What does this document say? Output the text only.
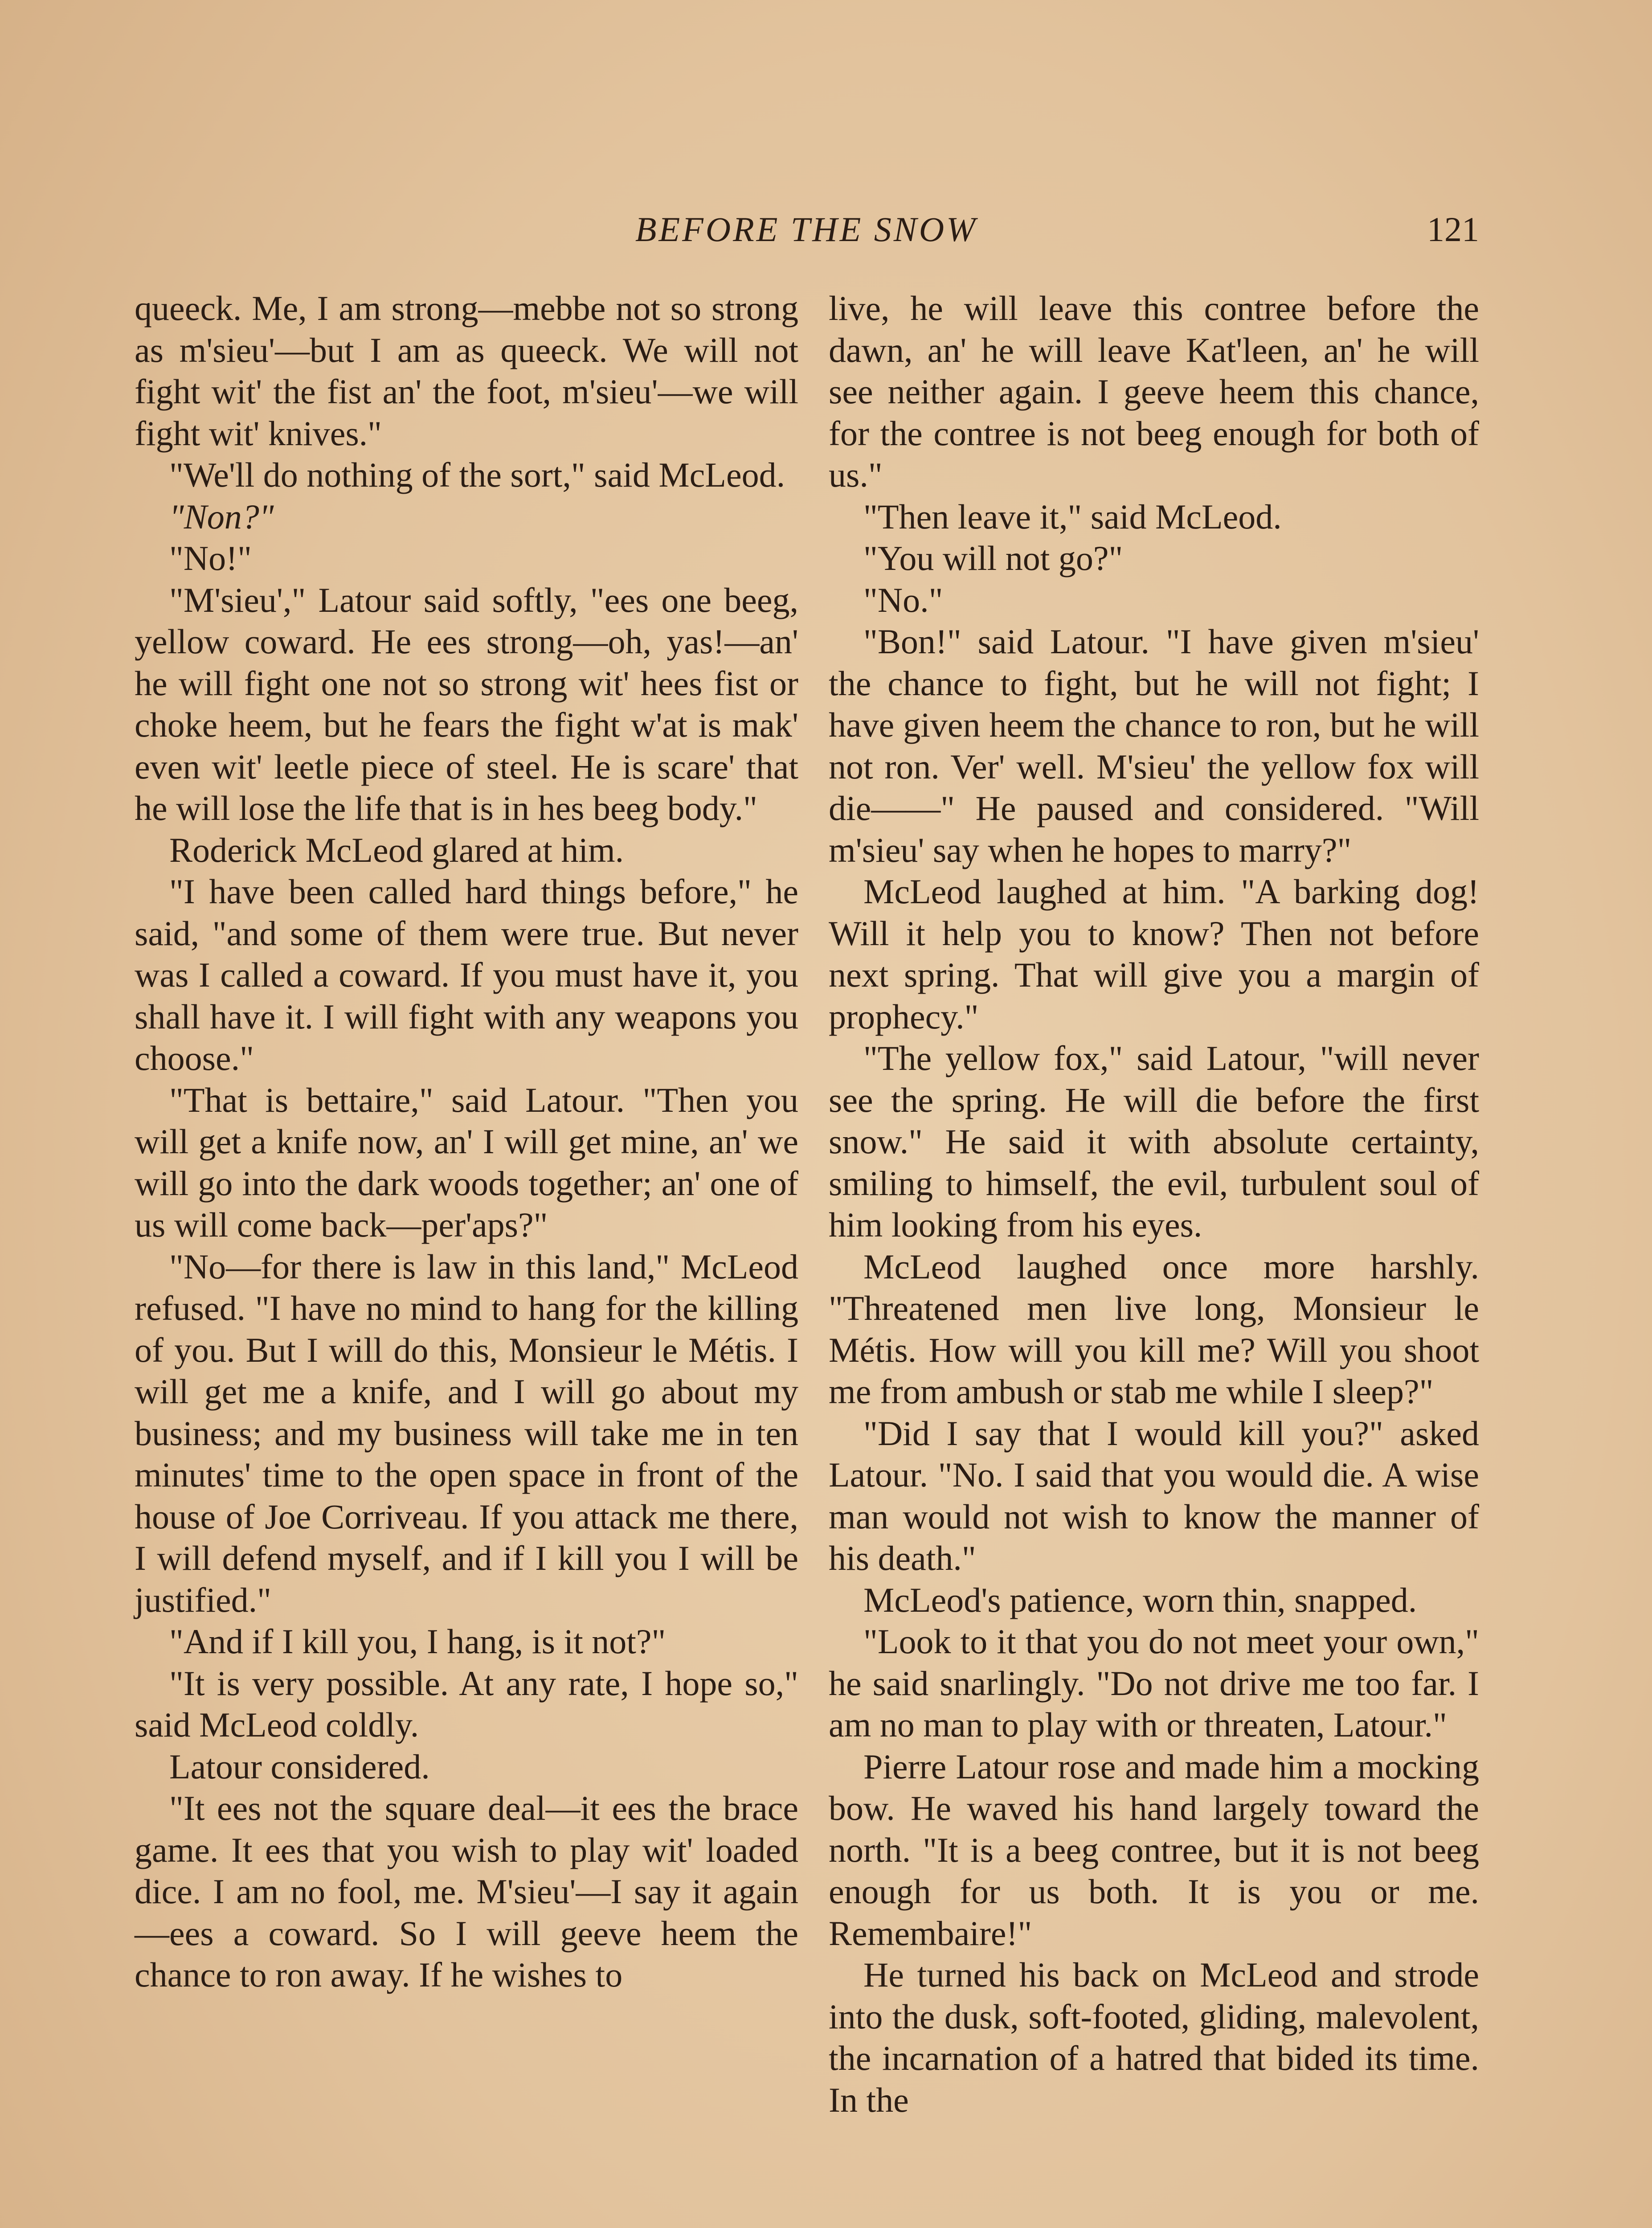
BEFORE THE SNOW	121

queeck. Me, I am strong—mebbe not so strong as m'sieu'—but I am as queeck. We will not fight wit' the fist an' the foot, m'sieu'—we will fight wit' knives."

"We'll do nothing of the sort," said McLeod.

"Non?"

"No!"

"M'sieu'," Latour said softly, "ees one beeg, yellow coward. He ees strong—oh, yas!—an' he will fight one not so strong wit' hees fist or choke heem, but he fears the fight w'at is mak' even wit' leetle piece of steel. He is scare' that he will lose the life that is in hes beeg body."

Roderick McLeod glared at him.

"I have been called hard things before," he said, "and some of them were true. But never was I called a coward. If you must have it, you shall have it. I will fight with any weapons you choose."

"That is bettaire," said Latour. "Then you will get a knife now, an' I will get mine, an' we will go into the dark woods together; an' one of us will come back—per'aps?"

"No—for there is law in this land," McLeod refused. "I have no mind to hang for the killing of you. But I will do this, Monsieur le Métis. I will get me a knife, and I will go about my business; and my business will take me in ten minutes' time to the open space in front of the house of Joe Corriveau. If you attack me there, I will defend myself, and if I kill you I will be justified."

"And if I kill you, I hang, is it not?"

"It is very possible. At any rate, I hope so," said McLeod coldly.

Latour considered.

"It ees not the square deal—it ees the brace game. It ees that you wish to play wit' loaded dice. I am no fool, me. M'sieu'—I say it again—ees a coward. So I will geeve heem the chance to ron away. If he wishes to

live, he will leave this contree before the dawn, an' he will leave Kat'leen, an' he will see neither again. I geeve heem this chance, for the contree is not beeg enough for both of us."

"Then leave it," said McLeod.

"You will not go?"

"No."

"Bon!" said Latour. "I have given m'sieu' the chance to fight, but he will not fight; I have given heem the chance to ron, but he will not ron. Ver' well. M'sieu' the yellow fox will die——" He paused and considered. "Will m'sieu' say when he hopes to marry?"

McLeod laughed at him. "A barking dog! Will it help you to know? Then not before next spring. That will give you a margin of prophecy."

"The yellow fox," said Latour, "will never see the spring. He will die before the first snow." He said it with absolute certainty, smiling to himself, the evil, turbulent soul of him looking from his eyes.

McLeod laughed once more harshly. "Threatened men live long, Monsieur le Métis. How will you kill me? Will you shoot me from ambush or stab me while I sleep?"

"Did I say that I would kill you?" asked Latour. "No. I said that you would die. A wise man would not wish to know the manner of his death."

McLeod's patience, worn thin, snapped.

"Look to it that you do not meet your own," he said snarlingly. "Do not drive me too far. I am no man to play with or threaten, Latour."

Pierre Latour rose and made him a mocking bow. He waved his hand largely toward the north. "It is a beeg contree, but it is not beeg enough for us both. It is you or me. Remembaire!"

He turned his back on McLeod and strode into the dusk, soft-footed, gliding, malevolent, the incarnation of a hatred that bided its time. In the
